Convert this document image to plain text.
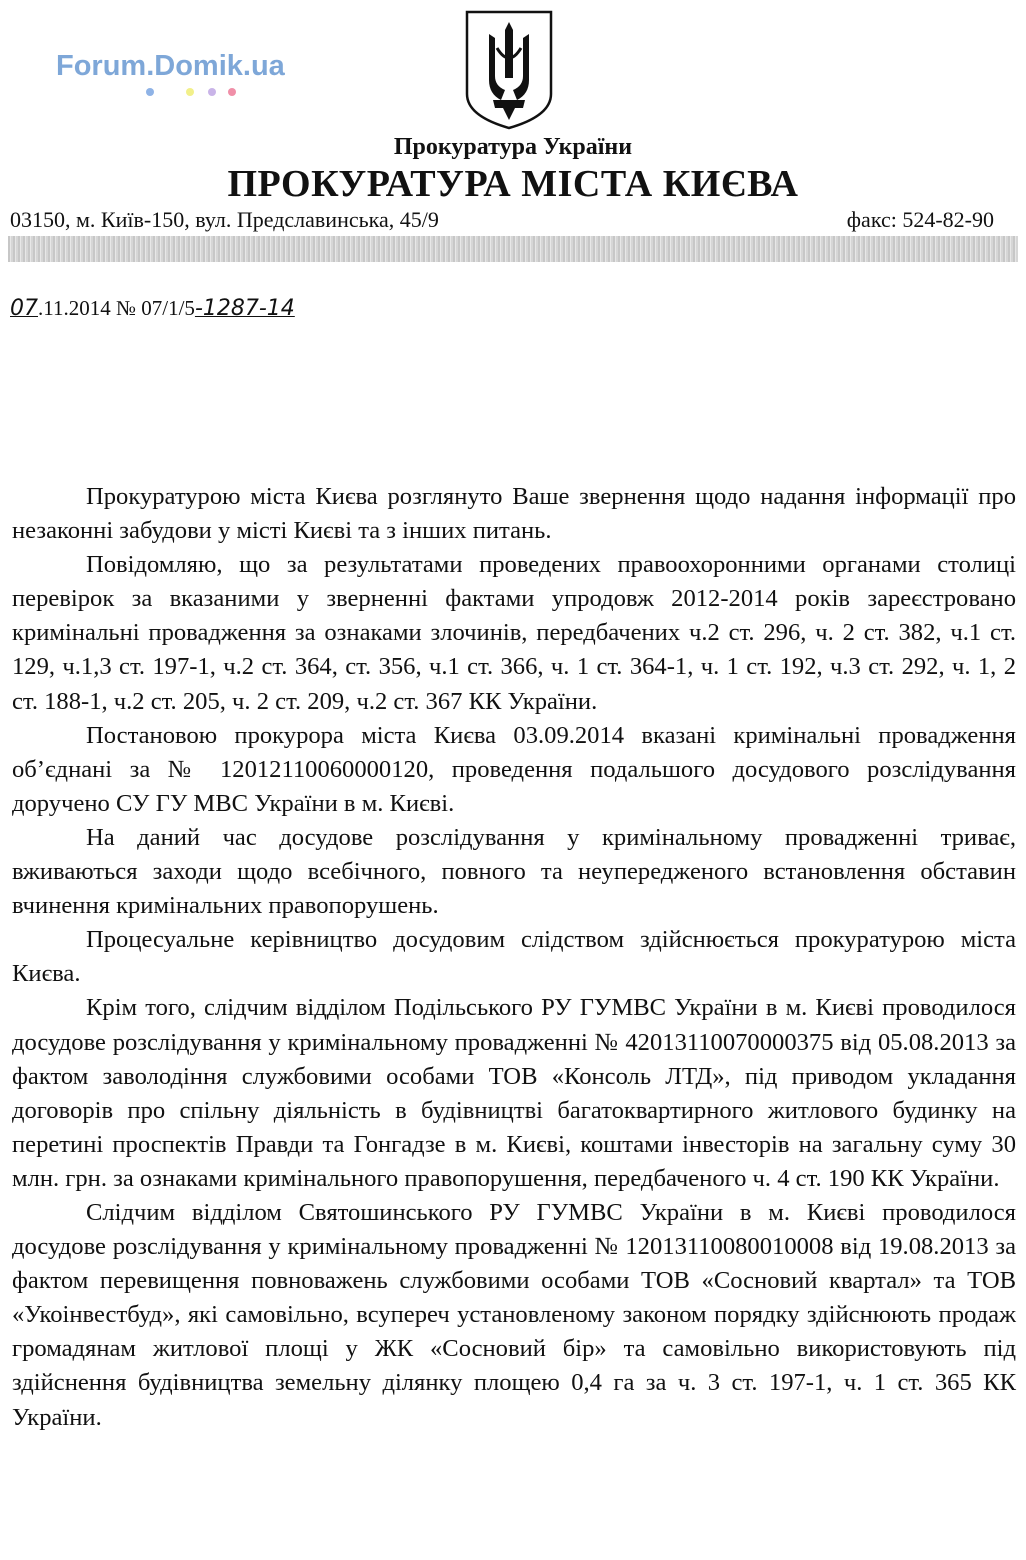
Forum.Domik.ua
Прокуратура України
ПРОКУРАТУРА МІСТА КИЄВА
03150, м. Київ-150, вул. Предславинська, 45/9	факс: 524-82-90
07.11.2014 № 07/1/5-1287-14

Прокуратурою міста Києва розглянуто Ваше звернення щодо надання інформації про незаконні забудови у місті Києві та з інших питань.

Повідомляю, що за результатами проведених правоохоронними органами столиці перевірок за вказаними у зверненні фактами упродовж 2012-2014 років зареєстровано кримінальні провадження за ознаками злочинів, передбачених ч.2 ст. 296, ч. 2 ст. 382, ч.1 ст. 129, ч.1,3 ст. 197-1, ч.2 ст. 364, ст. 356, ч.1 ст. 366, ч. 1 ст. 364-1, ч. 1 ст. 192, ч.3 ст. 292, ч. 1, 2 ст. 188-1, ч.2 ст. 205, ч. 2 ст. 209, ч.2 ст. 367 КК України.

Постановою прокурора міста Києва 03.09.2014 вказані кримінальні провадження об’єднані за № 12012110060000120, проведення подальшого досудового розслідування доручено СУ ГУ МВС України в м. Києві.

На даний час досудове розслідування у кримінальному провадженні триває, вживаються заходи щодо всебічного, повного та неупередженого встановлення обставин вчинення кримінальних правопорушень.

Процесуальне керівництво досудовим слідством здійснюється прокуратурою міста Києва.

Крім того, слідчим відділом Подільського РУ ГУМВС України в м. Києві проводилося досудове розслідування у кримінальному провадженні № 42013110070000375 від 05.08.2013 за фактом заволодіння службовими особами ТОВ «Консоль ЛТД», під приводом укладання договорів про спільну діяльність в будівництві багатоквартирного житлового будинку на перетині проспектів Правди та Гонгадзе в м. Києві, коштами інвесторів на загальну суму 30 млн. грн. за ознаками кримінального правопорушення, передбаченого ч. 4 ст. 190 КК України.

Слідчим відділом Святошинського РУ ГУМВС України в м. Києві проводилося досудове розслідування у кримінальному провадженні № 12013110080010008 від 19.08.2013 за фактом перевищення повноважень службовими особами ТОВ «Сосновий квартал» та ТОВ «Укоінвестбуд», які самовільно, всупереч установленому законом порядку здійснюють продаж громадянам житлової площі у ЖК «Сосновий бір» та самовільно використовують під здійснення будівництва земельну ділянку площею 0,4 га за ч. 3 ст. 197-1, ч. 1 ст. 365 КК України.
